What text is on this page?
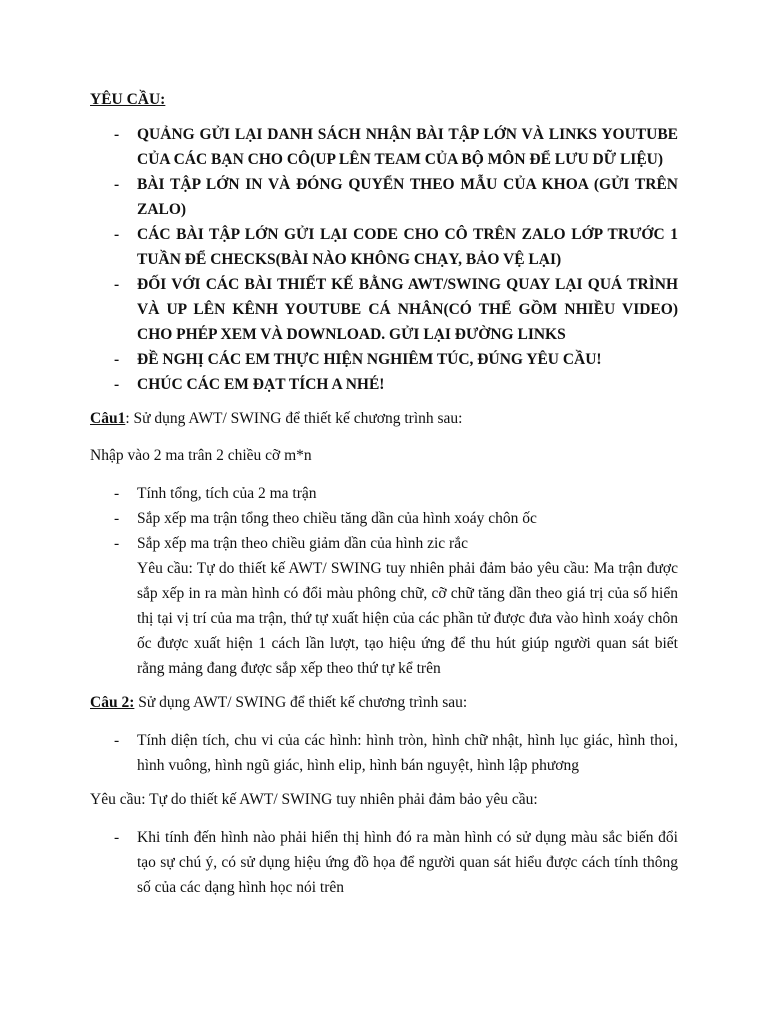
YÊU CẦU:
- QUẢNG GỬI LẠI DANH SÁCH NHẬN BÀI TẬP LỚN VÀ LINKS YOUTUBE CỦA CÁC BẠN CHO CÔ(UP LÊN TEAM CỦA BỘ MÔN ĐỂ LƯU DỮ LIỆU)
- BÀI TẬP LỚN IN VÀ ĐÓNG QUYỂN THEO MẪU CỦA KHOA (GỬI TRÊN ZALO)
- CÁC BÀI TẬP LỚN GỬI LẠI CODE CHO CÔ TRÊN ZALO LỚP TRƯỚC 1 TUẦN ĐỂ CHECKS(BÀI NÀO KHÔNG CHẠY, BẢO VỆ LẠI)
- ĐỐI VỚI CÁC BÀI THIẾT KẾ BẰNG AWT/SWING QUAY LẠI QUÁ TRÌNH VÀ UP LÊN KÊNH YOUTUBE CÁ NHÂN(CÓ THỂ GỒM NHIỀU VIDEO) CHO PHÉP XEM VÀ DOWNLOAD. GỬI LẠI ĐƯỜNG LINKS
- ĐỀ NGHỊ CÁC EM THỰC HIỆN NGHIÊM TÚC, ĐÚNG YÊU CẦU!
- CHÚC CÁC EM ĐẠT TÍCH A NHÉ!

Câu1: Sử dụng AWT/ SWING để thiết kế chương trình sau:

Nhập vào 2 ma trân 2 chiều cỡ m*n

- Tính tổng, tích của 2 ma trận
- Sắp xếp ma trận tổng theo chiều tăng dần của hình xoáy chôn ốc
- Sắp xếp ma trận theo chiều giảm dần của hình zic rắc
Yêu cầu: Tự do thiết kế AWT/ SWING tuy nhiên phải đảm bảo yêu cầu: Ma trận được sắp xếp in ra màn hình có đổi màu phông chữ, cỡ chữ tăng dần theo giá trị của số hiển thị tại vị trí của ma trận, thứ tự xuất hiện của các phần tử được đưa vào hình xoáy chôn ốc được xuất hiện 1 cách lần lượt, tạo hiệu ứng để thu hút giúp người quan sát biết rằng mảng đang được sắp xếp theo thứ tự kể trên

Câu 2: Sử dụng AWT/ SWING để thiết kế chương trình sau:

- Tính diện tích, chu vi của các hình: hình tròn, hình chữ nhật, hình lục giác, hình thoi, hình vuông, hình ngũ giác, hình elip, hình bán nguyệt, hình lập phương

Yêu cầu: Tự do thiết kế AWT/ SWING tuy nhiên phải đảm bảo yêu cầu:

- Khi tính đến hình nào phải hiển thị hình đó ra màn hình có sử dụng màu sắc biến đổi tạo sự chú ý, có sử dụng hiệu ứng đồ họa để người quan sát hiểu được cách tính thông số của các dạng hình học nói trên
